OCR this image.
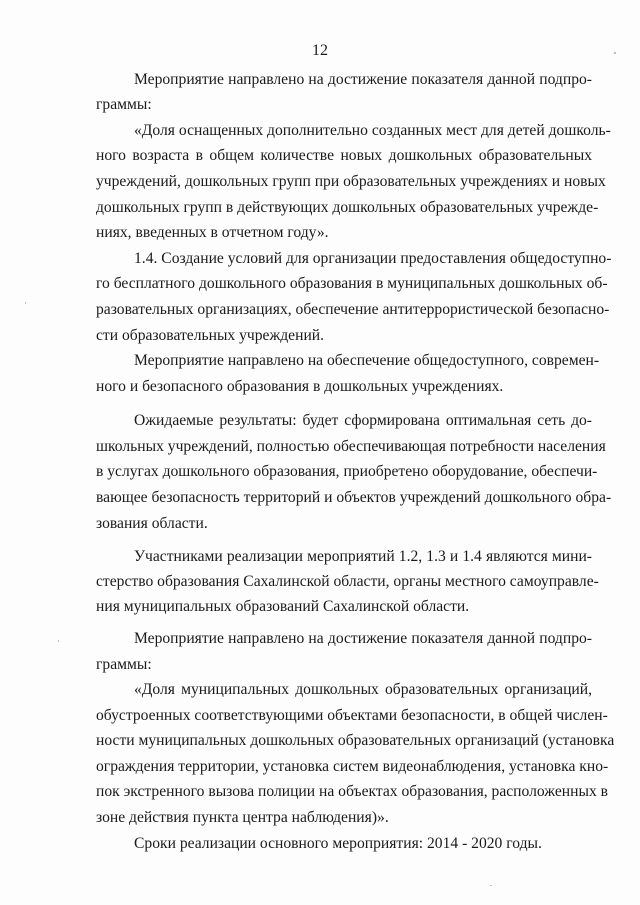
12
Мероприятие направлено на достижение показателя данной подпро-
граммы:
«Доля оснащенных дополнительно созданных мест для детей дошколь-
ного возраста в общем количестве новых дошкольных образовательных
учреждений, дошкольных групп при образовательных учреждениях и новых
дошкольных групп в действующих дошкольных образовательных учрежде-
ниях, введенных в отчетном году».
1.4. Создание условий для организации предоставления общедоступно-
го бесплатного дошкольного образования в муниципальных дошкольных об-
разовательных организациях, обеспечение антитеррористической безопасно-
сти образовательных учреждений.
Мероприятие направлено на обеспечение общедоступного, современ-
ного и безопасного образования в дошкольных учреждениях.
Ожидаемые результаты: будет сформирована оптимальная сеть до-
школьных учреждений, полностью обеспечивающая потребности населения
в услугах дошкольного образования, приобретено оборудование, обеспечи-
вающее безопасность территорий и объектов учреждений дошкольного обра-
зования области.
Участниками реализации мероприятий 1.2, 1.3 и 1.4 являются мини-
стерство образования Сахалинской области, органы местного самоуправле-
ния муниципальных образований Сахалинской области.
Мероприятие направлено на достижение показателя данной подпро-
граммы:
«Доля муниципальных дошкольных образовательных организаций,
обустроенных соответствующими объектами безопасности, в общей числен-
ности муниципальных дошкольных образовательных организаций (установка
ограждения территории, установка систем видеонаблюдения, установка кно-
пок экстренного вызова полиции на объектах образования, расположенных в
зоне действия пункта центра наблюдения)».
Сроки реализации основного мероприятия: 2014 - 2020 годы.
